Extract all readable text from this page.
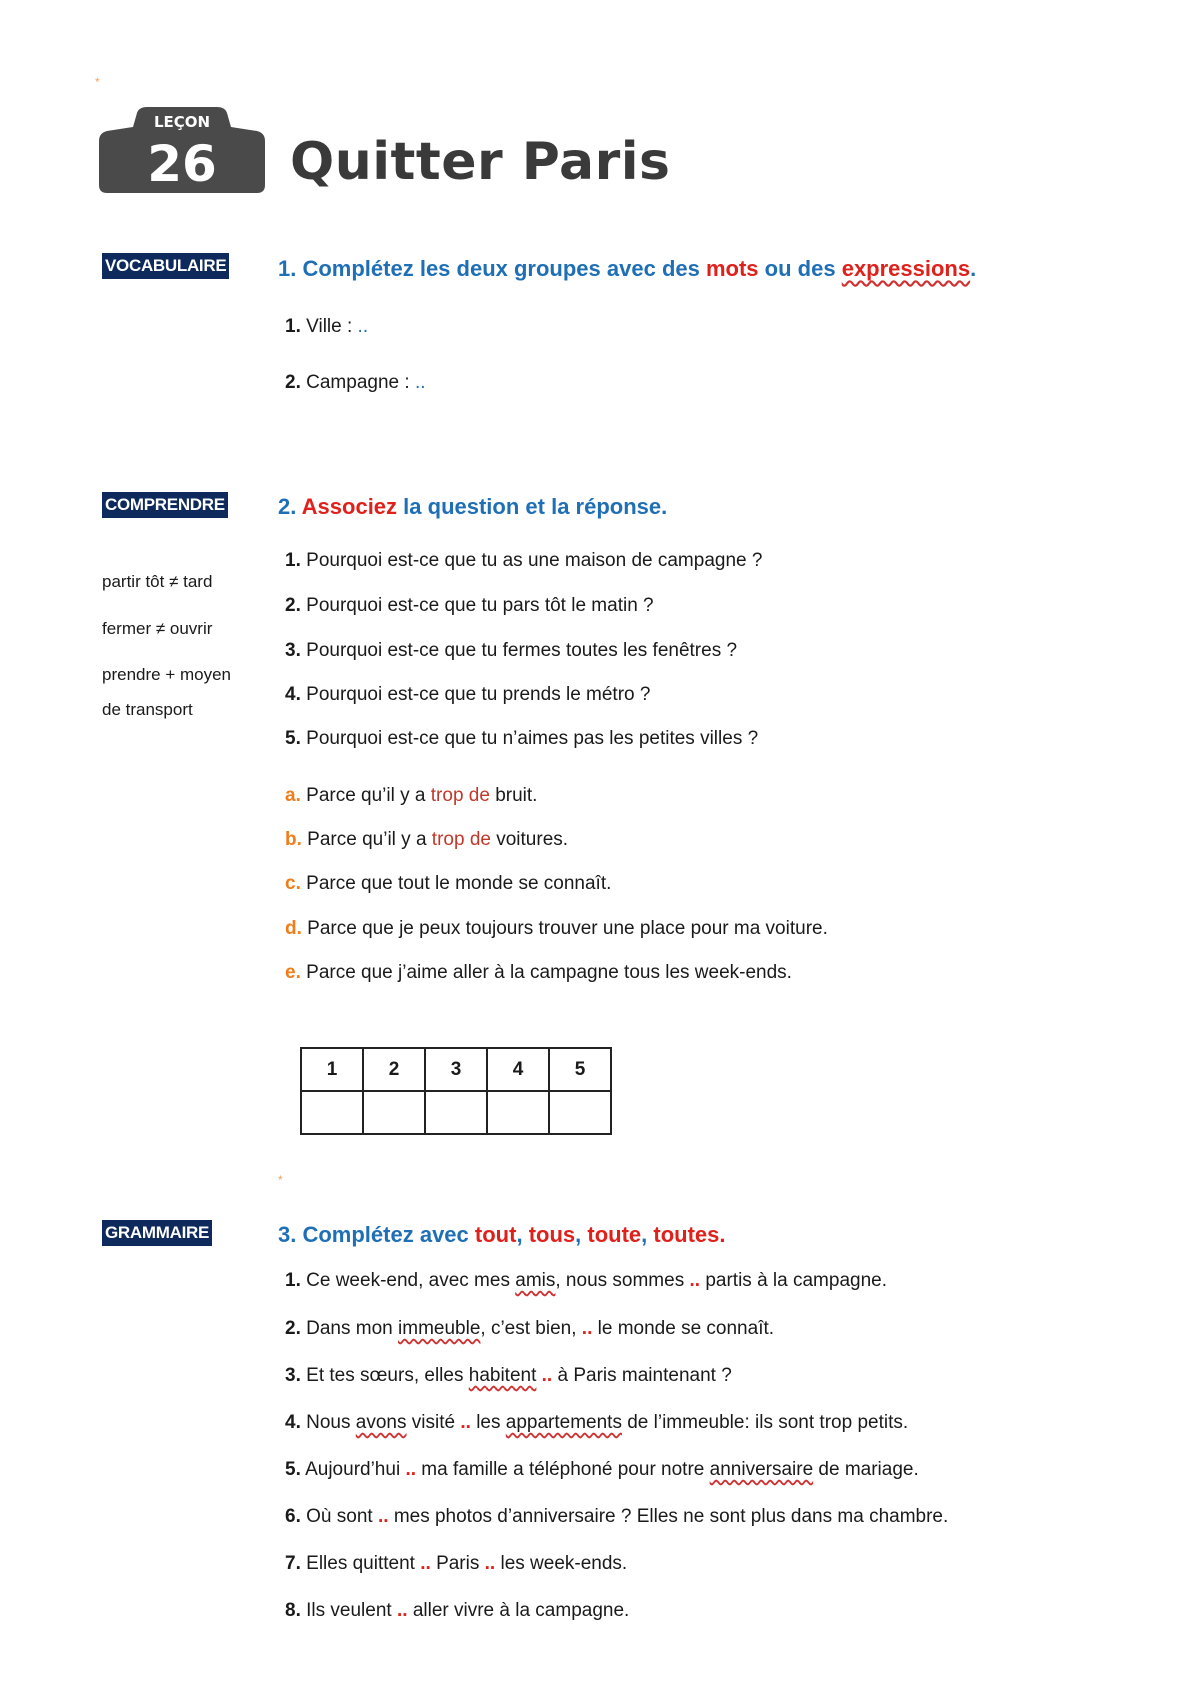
*
*
LEÇON
26 Quitter Paris
VOCABULAIRE 1. Complétez les deux groupes avec des mots ou des expressions.
1. Ville : ..
2. Campagne : ..
COMPRENDRE 2. Associez la question et la réponse.
partir tôt ≠ tard
fermer ≠ ouvrir
prendre + moyen
de transport
1. Pourquoi est-ce que tu as une maison de campagne ?
2. Pourquoi est-ce que tu pars tôt le matin ?
3. Pourquoi est-ce que tu fermes toutes les fenêtres ?
4. Pourquoi est-ce que tu prends le métro ?
5. Pourquoi est-ce que tu n’aimes pas les petites villes ?
a. Parce qu’il y a trop de bruit.
b. Parce qu’il y a trop de voitures.
c. Parce que tout le monde se connaît.
d. Parce que je peux toujours trouver une place pour ma voiture.
e. Parce que j’aime aller à la campagne tous les week-ends.
1	2	3	4	5

GRAMMAIRE	3. Complétez avec tout, tous, toute, toutes.
1. Ce week-end, avec mes amis, nous sommes .. partis à la campagne.
2. Dans mon immeuble, c’est bien, .. le monde se connaît.
3. Et tes sœurs, elles habitent .. à Paris maintenant ?
4. Nous avons visité .. les appartements de l’immeuble: ils sont trop petits.
5. Aujourd’hui .. ma famille a téléphoné pour notre anniversaire de mariage.
6. Où sont .. mes photos d’anniversaire ? Elles ne sont plus dans ma chambre.
7. Elles quittent .. Paris .. les week-ends.
8. Ils veulent .. aller vivre à la campagne.
